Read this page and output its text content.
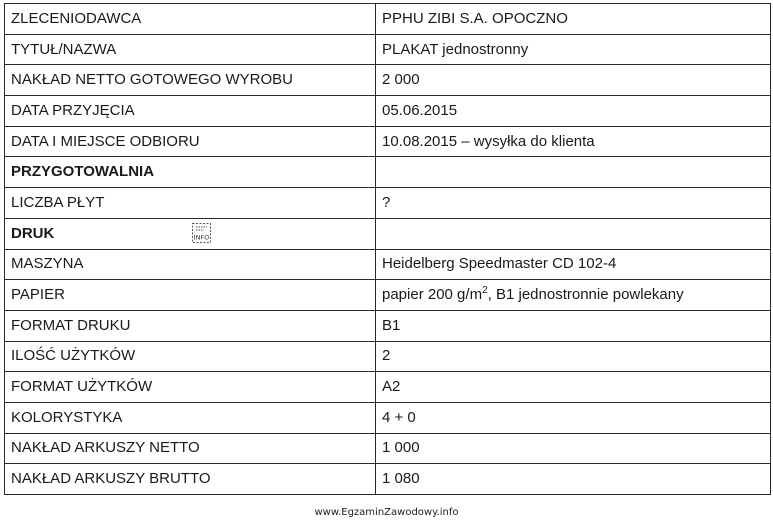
ZLECENIODAWCA	PPHU ZIBI S.A. OPOCZNO
TYTUŁ/NAZWA	PLAKAT jednostronny
NAKŁAD NETTO GOTOWEGO WYROBU	2 000
DATA PRZYJĘCIA	05.06.2015
DATA I MIEJSCE ODBIORU	10.08.2015 – wysyłka do klienta
PRZYGOTOWALNIA	
LICZBA PŁYT	?
DRUK	
MASZYNA	Heidelberg Speedmaster CD 102-4
PAPIER	papier 200 $g/m^2$, B1 jednostronnie powlekany
FORMAT DRUKU	B1
ILOŚĆ UŻYTKÓW	2
FORMAT UŻYTKÓW	A2
KOLORYSTYKA	4 + 0
NAKŁAD ARKUSZY NETTO	1 000
NAKŁAD ARKUSZY BRUTTO	1 080
INFO
www.EgzaminZawodowy.info
